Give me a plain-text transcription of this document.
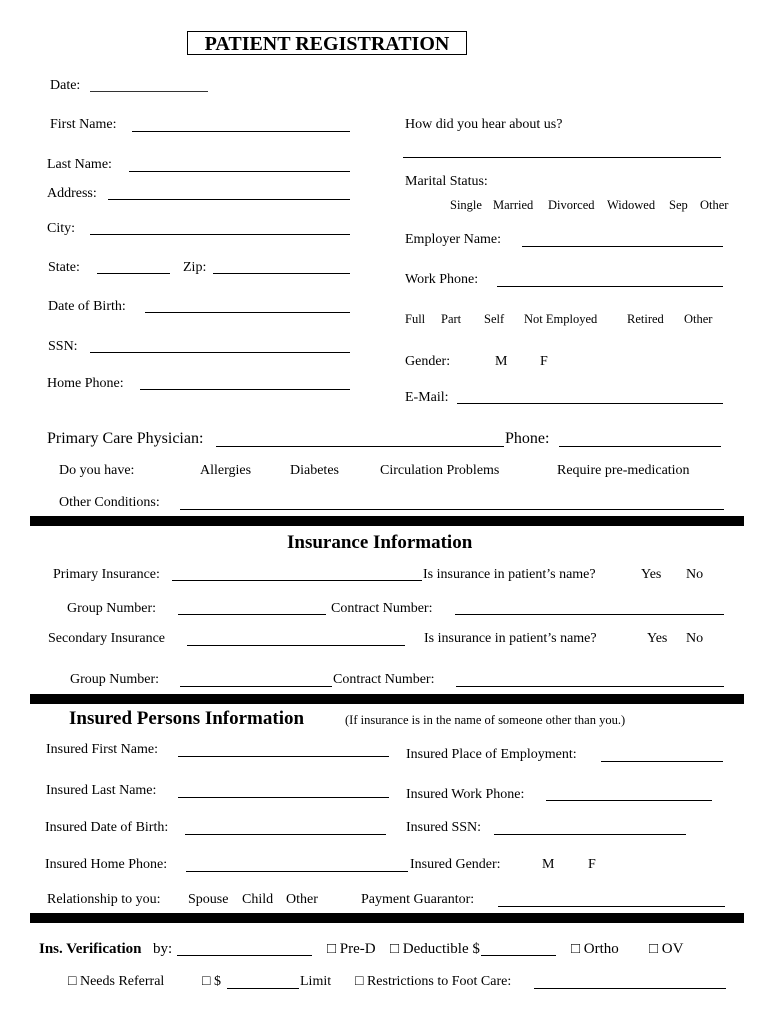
PATIENT REGISTRATION
Date:
First Name:
Last Name:
Address:
City:
State:	Zip:
Date of Birth:
SSN:
Home Phone:
How did you hear about us?
Marital Status:
Single Married Divorced Widowed Sep Other
Employer Name:
Work Phone:
Full Part Self Not Employed Retired Other
Gender:	M F
E-Mail:
Primary Care Physician:	Phone:
Do you have:	Allergies	Diabetes	Circulation Problems	Require pre-medication
Other Conditions:
Insurance Information
Primary Insurance:	Is insurance in patient’s name?	Yes No
Group Number:	Contract Number:
Secondary Insurance	Is insurance in patient’s name?	Yes No
Group Number:	Contract Number:
Insured Persons Information	(If insurance is in the name of someone other than you.)
Insured First Name:	Insured Place of Employment:
Insured Last Name:	Insured Work Phone:
Insured Date of Birth:	Insured SSN:
Insured Home Phone:	Insured Gender:	M F
Relationship to you: Spouse Child Other	Payment Guarantor:
Ins. Verification by:	□ Pre-D □ Deductible $	□ Ortho □ OV
□ Needs Referral	□ $	Limit □ Restrictions to Foot Care:
